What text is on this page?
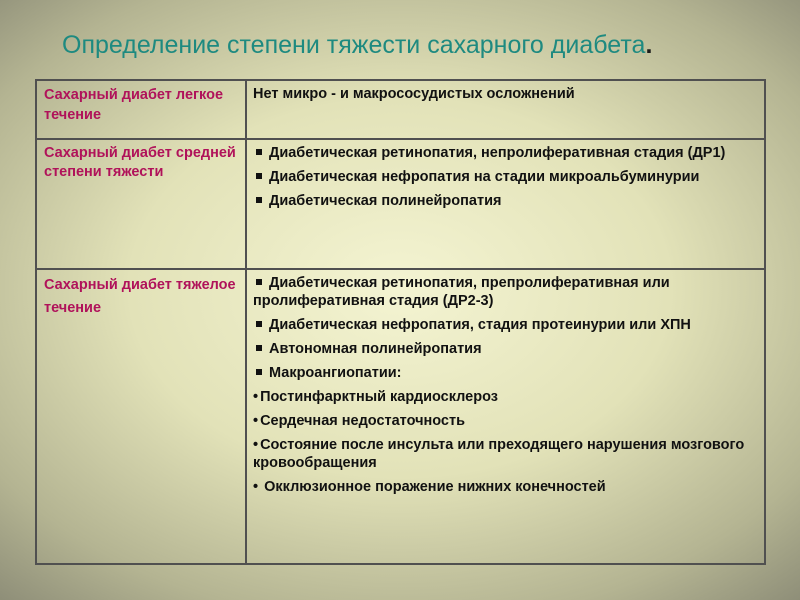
Определение степени тяжести сахарного диабета.
Сахарный диабет легкое течение
Нет микро - и макрососудистых осложнений
Сахарный диабет средней степени тяжести
Диабетическая ретинопатия, непролиферативная стадия (ДР1)
Диабетическая нефропатия на стадии микроальбуминурии
Диабетическая полинейропатия
Сахарный диабет тяжелое течение
Диабетическая ретинопатия, препролиферативная или пролиферативная стадия (ДР2-3)
Диабетическая нефропатия, стадия протеинурии или ХПН
Автономная полинейропатия
Макроангиопатии:
• Постинфарктный кардиосклероз
• Сердечная недостаточность
• Состояние после инсульта или преходящего нарушения мозгового кровообращения
• Окклюзионное поражение нижних конечностей
